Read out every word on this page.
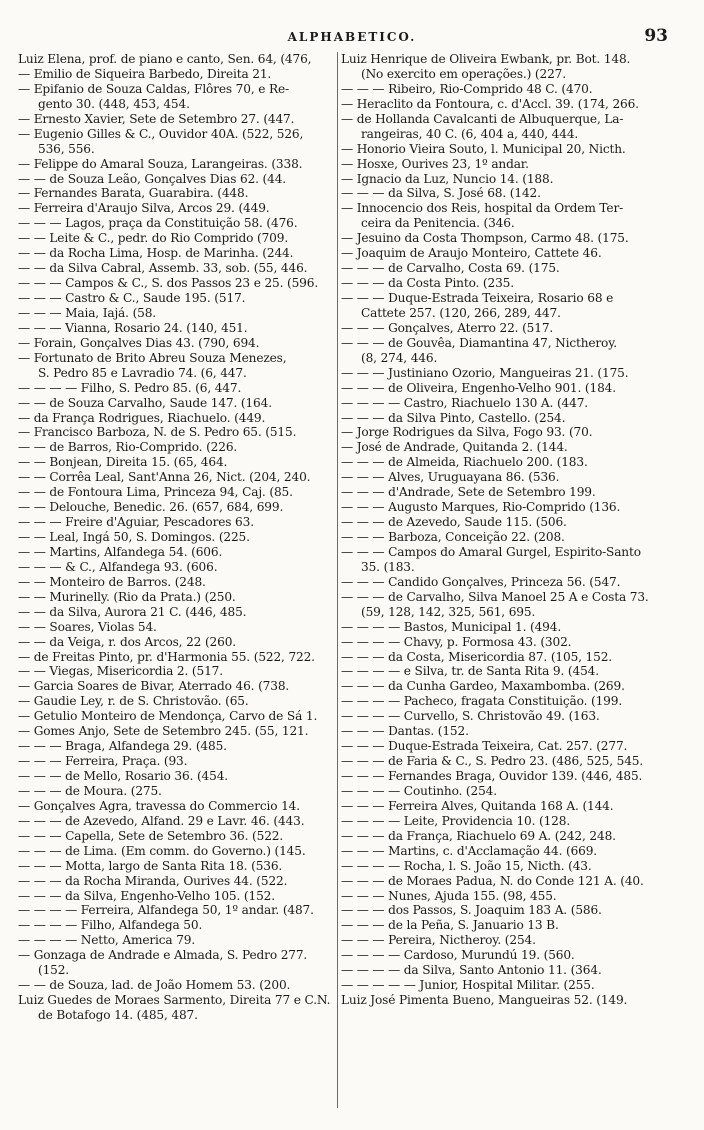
ALPHABETICO.	93
Luiz Elena, prof. de piano e canto, Sen. 64, (476,
— Emilio de Siqueira Barbedo, Direita 21.
— Epifanio de Souza Caldas, Flôres 70, e Re-
gento 30. (448, 453, 454.
— Ernesto Xavier, Sete de Setembro 27. (447.
— Eugenio Gilles & C., Ouvidor 40A. (522, 526,
536, 556.
— Felippe do Amaral Souza, Larangeiras. (338.
— — de Souza Leão, Gonçalves Dias 62. (44.
— Fernandes Barata, Guarabira. (448.
— Ferreira d'Araujo Silva, Arcos 29. (449.
— — — Lagos, praça da Constituição 58. (476.
— — Leite & C., pedr. do Rio Comprido (709.
— — da Rocha Lima, Hosp. de Marinha. (244.
— — da Silva Cabral, Assemb. 33, sob. (55, 446.
— — — Campos & C., S. dos Passos 23 e 25. (596.
— — — Castro & C., Saude 195. (517.
— — — Maia, Iajá. (58.
— — — Vianna, Rosario 24. (140, 451.
— Forain, Gonçalves Dias 43. (790, 694.
— Fortunato de Brito Abreu Souza Menezes,
S. Pedro 85 e Lavradio 74. (6, 447.
— — — — Filho, S. Pedro 85. (6, 447.
— — de Souza Carvalho, Saude 147. (164.
— da França Rodrigues, Riachuelo. (449.
— Francisco Barboza, N. de S. Pedro 65. (515.
— — de Barros, Rio-Comprido. (226.
— — Bonjean, Direita 15. (65, 464.
— — Corrêa Leal, Sant'Anna 26, Nict. (204, 240.
— — de Fontoura Lima, Princeza 94, Caj. (85.
— — Delouche, Benedic. 26. (657, 684, 699.
— — — Freire d'Aguiar, Pescadores 63.
— — Leal, Ingá 50, S. Domingos. (225.
— — Martins, Alfandega 54. (606.
— — — & C., Alfandega 93. (606.
— — Monteiro de Barros. (248.
— — Murinelly. (Rio da Prata.) (250.
— — da Silva, Aurora 21 C. (446, 485.
— — Soares, Violas 54.
— — da Veiga, r. dos Arcos, 22 (260.
— de Freitas Pinto, pr. d'Harmonia 55. (522, 722.
— — Viegas, Misericordia 2. (517.
— Garcia Soares de Bivar, Aterrado 46. (738.
— Gaudie Ley, r. de S. Christovão. (65.
— Getulio Monteiro de Mendonça, Carvo de Sá 1.
— Gomes Anjo, Sete de Setembro 245. (55, 121.
— — — Braga, Alfandega 29. (485.
— — — Ferreira, Praça. (93.
— — — de Mello, Rosario 36. (454.
— — — de Moura. (275.
— Gonçalves Agra, travessa do Commercio 14.
— — — de Azevedo, Alfand. 29 e Lavr. 46. (443.
— — — Capella, Sete de Setembro 36. (522.
— — — de Lima. (Em comm. do Governo.) (145.
— — — Motta, largo de Santa Rita 18. (536.
— — — da Rocha Miranda, Ourives 44. (522.
— — — da Silva, Engenho-Velho 105. (152.
— — — — Ferreira, Alfandega 50, 1º andar. (487.
— — — — Filho, Alfandega 50.
— — — — Netto, America 79.
— Gonzaga de Andrade e Almada, S. Pedro 277.
(152.
— — de Souza, lad. de João Homem 53. (200.
Luiz Guedes de Moraes Sarmento, Direita 77 e C.N.
de Botafogo 14. (485, 487.
Luiz Henrique de Oliveira Ewbank, pr. Bot. 148.
(No exercito em operações.) (227.
— — — Ribeiro, Rio-Comprido 48 C. (470.
— Heraclito da Fontoura, c. d'Accl. 39. (174, 266.
— de Hollanda Cavalcanti de Albuquerque, La-
rangeiras, 40 C. (6, 404 a, 440, 444.
— Honorio Vieira Souto, l. Municipal 20, Nicth.
— Hosxe, Ourives 23, 1º andar.
— Ignacio da Luz, Nuncio 14. (188.
— — — da Silva, S. José 68. (142.
— Innocencio dos Reis, hospital da Ordem Ter-
ceira da Penitencia. (346.
— Jesuino da Costa Thompson, Carmo 48. (175.
— Joaquim de Araujo Monteiro, Cattete 46.
— — — de Carvalho, Costa 69. (175.
— — — da Costa Pinto. (235.
— — — Duque-Estrada Teixeira, Rosario 68 e
Cattete 257. (120, 266, 289, 447.
— — — Gonçalves, Aterro 22. (517.
— — — de Gouvêa, Diamantina 47, Nictheroy.
(8, 274, 446.
— — — Justiniano Ozorio, Mangueiras 21. (175.
— — — de Oliveira, Engenho-Velho 901. (184.
— — — — Castro, Riachuelo 130 A. (447.
— — — da Silva Pinto, Castello. (254.
— Jorge Rodrigues da Silva, Fogo 93. (70.
— José de Andrade, Quitanda 2. (144.
— — — de Almeida, Riachuelo 200. (183.
— — — Alves, Uruguayana 86. (536.
— — — d'Andrade, Sete de Setembro 199.
— — — Augusto Marques, Rio-Comprido (136.
— — — de Azevedo, Saude 115. (506.
— — — Barboza, Conceição 22. (208.
— — — Campos do Amaral Gurgel, Espirito-Santo
35. (183.
— — — Candido Gonçalves, Princeza 56. (547.
— — — de Carvalho, Silva Manoel 25 A e Costa 73.
(59, 128, 142, 325, 561, 695.
— — — — Bastos, Municipal 1. (494.
— — — — Chavy, p. Formosa 43. (302.
— — — da Costa, Misericordia 87. (105, 152.
— — — — e Silva, tr. de Santa Rita 9. (454.
— — — da Cunha Gardeo, Maxambomba. (269.
— — — — Pacheco, fragata Constituição. (199.
— — — — Curvello, S. Christovão 49. (163.
— — — Dantas. (152.
— — — Duque-Estrada Teixeira, Cat. 257. (277.
— — — de Faria & C., S. Pedro 23. (486, 525, 545.
— — — Fernandes Braga, Ouvidor 139. (446, 485.
— — — — Coutinho. (254.
— — — Ferreira Alves, Quitanda 168 A. (144.
— — — — Leite, Providencia 10. (128.
— — — da França, Riachuelo 69 A. (242, 248.
— — — Martins, c. d'Acclamação 44. (669.
— — — — Rocha, l. S. João 15, Nicth. (43.
— — — de Moraes Padua, N. do Conde 121 A. (40.
— — — Nunes, Ajuda 155. (98, 455.
— — — dos Passos, S. Joaquim 183 A. (586.
— — — de la Peña, S. Januario 13 B.
— — — Pereira, Nictheroy. (254.
— — — — Cardoso, Murundú 19. (560.
— — — — da Silva, Santo Antonio 11. (364.
— — — — — Junior, Hospital Militar. (255.
Luiz José Pimenta Bueno, Mangueiras 52. (149.
